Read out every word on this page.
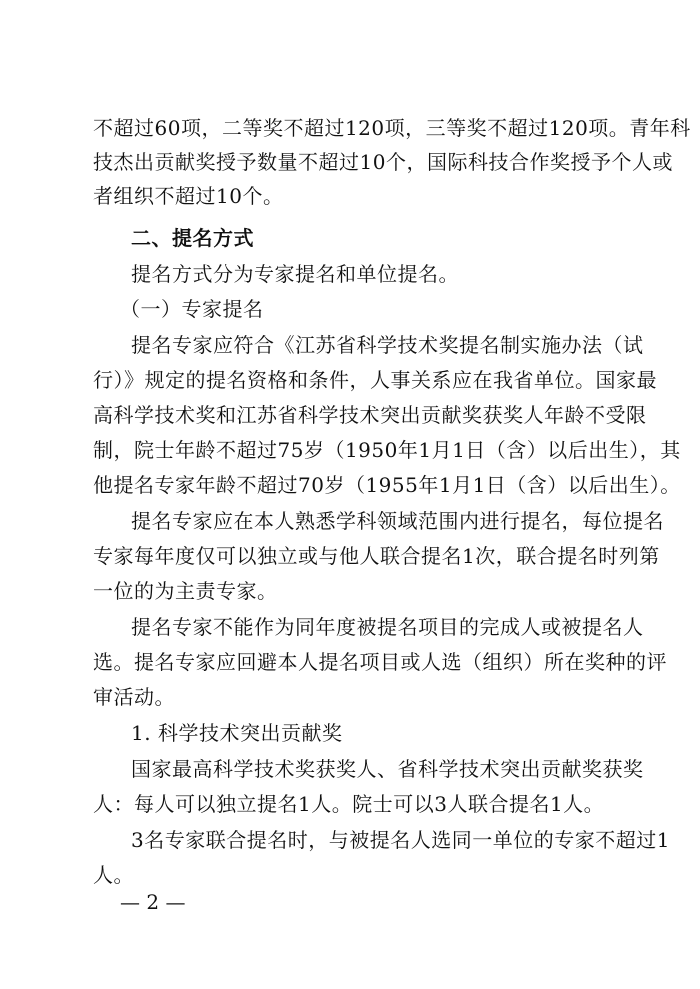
不超过60项，二等奖不超过120项，三等奖不超过120项。青年科
技杰出贡献奖授予数量不超过10个，国际科技合作奖授予个人或
者组织不超过10个。
二、提名方式
提名方式分为专家提名和单位提名。
（一）专家提名
提名专家应符合《江苏省科学技术奖提名制实施办法（试
行）》规定的提名资格和条件，人事关系应在我省单位。国家最
高科学技术奖和江苏省科学技术突出贡献奖获奖人年龄不受限
制，院士年龄不超过75岁（1950年1月1日（含）以后出生），其
他提名专家年龄不超过70岁（1955年1月1日（含）以后出生）。
提名专家应在本人熟悉学科领域范围内进行提名，每位提名
专家每年度仅可以独立或与他人联合提名1次，联合提名时列第
一位的为主责专家。
提名专家不能作为同年度被提名项目的完成人或被提名人
选。提名专家应回避本人提名项目或人选（组织）所在奖种的评
审活动。
1. 科学技术突出贡献奖
国家最高科学技术奖获奖人、省科学技术突出贡献奖获奖
人：每人可以独立提名1人。院士可以3人联合提名1人。
3名专家联合提名时，与被提名人选同一单位的专家不超过1
人。
— 2 —
